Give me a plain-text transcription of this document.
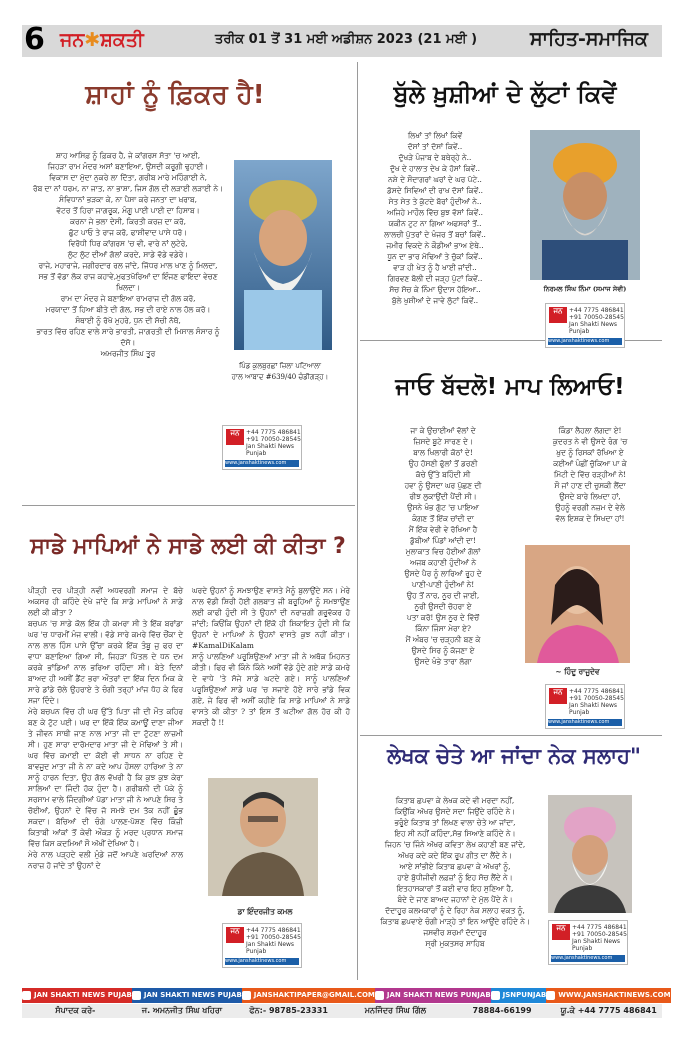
6 ਜਨ✱ਸ਼ਕਤੀ	ਤਰੀਕ 01 ਤੋਂ 31 ਮਈ ਅਡੀਸ਼ਨ 2023 (21 ਮਈ )	ਸਾਹਿਤ-ਸਮਾਜਿਕ
ਸ਼ਾਹਾਂ ਨੂੰ ਫ਼ਿਕਰ ਹੈ!
ਸ਼ਾਹ ਆਸਿਫ਼ ਨੂੰ ਫ਼ਿਕਰ ਹੈ, ਜੇ ਕਾਂਗਰਸ ਸੱਤਾ 'ਚ ਆਈ,
ਜਿਹੜਾ ਰਾਮ ਮੰਦਰ ਅਸਾਂ ਬਣਾਇਆ, ਉਸਦੀ ਕਰੂਗੀ ਢੁਹਾਈ।
ਵਿਕਾਸ ਦਾ ਮੁੱਦਾ ਨੁਕਰੇ ਲਾ ਦਿੱਤਾ, ਗਰੀਬ ਮਾਰੇ ਮਹਿੰਗਾਈ ਨੇ,
ਰੱਬ ਦਾ ਨਾਂ ਧਰਮ, ਨਾ ਜਾਤ, ਨਾ ਭਾਸ਼ਾ, ਜਿਸ ਗੱਲ ਦੀ ਲੜਾਈ ਲੜਾਈ ਨੇ।
ਸੰਵਿਧਾਨਾਂ ਭੜਕਾ ਕੇ, ਨਾ ਪੈਸਾ ਕਰੇ ਜਨਤਾ ਦਾ ਖ਼ਰਾਬ,
ਵੋਟਰ ਤੋਂ ਹਿਰਾ ਜਾਗਰੂਕ, ਮੰਗੂ ਪਾਈ ਪਾਈ ਦਾ ਹਿਸਾਬ।
ਕਰਨਾ ਜੇ ਭਲਾ ਦੇਸੀ, ਕਿਰਤੀ ਕਰਜ਼ ਦਾ ਕਰੋ,
ਛੁੱਟ ਪਾਓ ਤੇ ਰਾਜ ਕਰੋ, ਫਾਸ਼ੀਵਾਦ ਪਾਸੇ ਧਰੋ।
ਵਿਰੋਧੀ ਧਿਰ ਕਾਂਗਰਸ 'ਚ ਵੀ, ਵਾਰੇ ਨਾਂ ਲੁਟੇਰੇ,
ਲੁੱਟ ਲੁੱਟ ਦੀਆਂ ਗੱਲਾਂ ਕਰਦੇ, ਸਾਡੇ ਵੱਡੇ ਵਡੇਰੇ।
ਰਾਜੇ, ਮਹਾਰਾਜੇ, ਜਗੀਰਦਾਰ ਰਲ ਜਾਂਦੇ, ਜਿੱਧਰ ਮਾਲ ਖਾਣ ਨੂੰ ਮਿਲਦਾ,
ਸਭ ਤੋਂ ਵੱਡਾ ਲੋਕ ਰਾਜ ਕਹਾਵੇ,ਮੁਫਤਖੋਰਿਆਂ ਦਾ ਇੰਜਣ ਫਾਇਦਾ ਵੇਚਣ ਖਿਲਦਾ।
ਰਾਮ ਦਾ ਮੰਦਰ ਜੇ ਬਣਾਇਆ ਰਾਮਰਾਜ ਦੀ ਗੱਲ ਕਰੋ,
ਮਰਯਾਦਾ ਤੋਂ ਹਿਆ ਬੀਤੇ ਦੀ ਗੱਲ, ਸਭ ਦੀ ਰਾਏ ਨਾਲ ਹੱਲ ਕਰੋ।
ਸੰਥਾਈ ਨੂੰ ਰੱਖੋ ਮੁਹਰੇ, ਧੁਨ ਦੀ ਸੱਚੀ ਨੱਥੋ,
ਭਾਰਤ ਵਿੱਚ ਰਹਿਣ ਵਾਲੇ ਸਾਰੇ ਭਾਰਤੀ, ਜਾਗਰਤੀ ਦੀ ਮਿਸਾਲ ਸੰਸਾਰ ਨੂੰ ਦੱਸੋ।
ਅਮਰਜੀਤ ਸਿੰਘ ਤੂਰ
ਪਿੰਡ ਕੁਲਬੁਰਛਾਂ ਜ਼ਿਲਾ ਪਟਿਆਲਾ
ਹਾਲ ਆਬਾਦ #639/40 ਚੰਡੀਗੜ੍ਹ।
ਜਨ	+44 7775 486841
+91 70050-28545
Jan Shakti News Punjab
www.janshaktinews.com
ਸਾਡੇ ਮਾਪਿਆਂ ਨੇ ਸਾਡੇ ਲਈ ਕੀ ਕੀਤਾ ?
ਪੀੜ੍ਹੀ ਦਰ ਪੀੜ੍ਹੀ ਨਵੀਂ ਅਧਵਰਗੀ ਸਮਾਜ ਦੇ ਬੱਚੇ ਅਕਸਰ ਹੀ ਕਹਿੰਦੇ ਦੇਖੇ ਜਾਂਦੇ ਕਿ ਸਾਡੇ ਮਾਪਿਆਂ ਨੇ ਸਾਡੇ ਲਈ ਕੀ ਕੀਤਾ ?
ਬਚਪਨ 'ਚ ਸਾਡੇ ਕੋਲ ਇੱਕ ਹੀ ਕਮਰਾ ਸੀ ਤੇ ਇੱਕ ਬਰਾਂਡਾ ਘਰ 'ਚ ਧਾਰਮੀਂ ਮੰਜ ਵਾਲੀ। ਵੱਡੇ ਸਾਰੇ ਕਮਰੇ ਵਿੱਚ ਚੌਂਕਾ ਦੇ ਨਾਲ ਲਾਲ ਹਿੰਸ ਪਾਸੇ ਉੱਚਾ ਕਰਕੇ ਇੱਕ ਤੰਬੂ ਜੁ ਫਰ ਦਾ ਵਾਧਾ ਬਣਾਇਆ ਗਿਆ ਸੀ, ਜਿਹੜਾ ਪਿੱਤਲ ਦੇ ਧਨ ਦਮ ਕਰਕੇ ਭਾਂਡਿਆਂ ਨਾਲ ਭਰਿਆ ਰਹਿੰਦਾ ਸੀ। ਬੇਤੇ ਦਿਨਾਂ ਬਾਅਦ ਹੀ ਅਸੀਂ ਡੈਂਟ ਭਰਾ ਔਤਰਾਂ ਦਾ ਇੱਕ ਦਿਨ ਮਿਕ ਕੇ ਸਾਰੇ ਡਾਂਡੇ ਚੱਲੇ ਉਹਰਾਏ ਤੇ ਚੰਗੀ ਤਰ੍ਹਾਂ ਮਾਂਜ ਧੋਹ ਕੇ ਫਿਰ ਸਜਾ ਦਿੰਦੇ।
ਮੇਰੇ ਬਚਪਨ ਵਿੱਚ ਹੀ ਘਰ ਉੱਤੇ ਪਿਤਾ ਜੀ ਦੀ ਮੌਤ ਕਹਿਰ ਬਣ ਕੇ ਟੁੱਟ ਪਈ। ਘਰ ਦਾ ਇੱਕੋ ਇੱਕ ਕਮਾਊਂ ਦਾਣਾ ਜੀਆ ਤੇ ਜੀਵਨ ਸਾਥੀ ਜਾਣ ਨਾਲ ਮਾਤਾ ਜੀ ਦਾ ਟੁੱਟਣਾ ਲਾਜ਼ਮੀ ਸੀ। ਹੁਣ ਸਾਰਾ ਦਾਰੋਮਦਾਰ ਮਾਤਾ ਜੀ ਦੇ ਮੋਢਿਆਂ ਤੇ ਸੀ। ਘਰ ਵਿੱਚ ਕਮਾਈ ਦਾ ਕੋਈ ਵੀ ਸਾਧਨ ਨਾ ਰਹਿਣ ਦੇ ਬਾਵਜੂਦ ਮਾਤਾ ਜੀ ਨੇ ਨਾ ਕਦੇ ਆਪ ਹੌਸਲਾ ਹਾਰਿਆ ਤੇ ਨਾ ਸਾਨੂੰ ਹਾਰਨ ਦਿਤਾ, ਉਹ ਗੱਲ ਵੱਖਰੀ ਹੈ ਕਿ ਕੁਝ ਕੁਝ ਕੇਰਾ ਸਾਲਿਆਂ ਦਾ ਜਿੰਦੀ ਹੱਕ ਹੁੰਦਾ ਹੈ। ਗਰੀਬਨੀ ਦੀ ਪੱਕੇ ਨੂੰ ਸਰਸਾਮ ਵਾਲੇ ਜਿੰਦਗੀਆਂ ਪੱਡਾ ਮਾਤਾ ਜੀ ਨੇ ਆਪਣੇ ਸਿਰ ਤੇ ਚੋਈਆਂ, ਉਹਨਾਂ ਦੇ ਵਿੱਚ ਜੋ ਸਮਝੇ ਦਮ ਤੱਕ ਨਹੀਂ ਛੂੰਭ ਸਕਦਾ। ਬੱਚਿਆਂ ਦੀ ਚੰਗੇ ਪਾਲਣ-ਪੋਸ਼ਣ ਵਿੱਚ ਕਿੰਜ਼ੀ ਕਿਤਾਬੀ ਆਂਕਾਂ ਤੋਂ ਕੇਵੀ ਔਕੜ ਨੂੰ ਮਰਦ ਪ੍ਰਧਾਨ ਸਮਾਜ ਵਿੱਚ ਕਿਸ ਕਦਮਿਆਂ ਸੌ ਅੱਖੀਂ ਦੇਖਿਆ ਹੈ।
ਮੇਰੇ ਨਾਲ ਪੜ੍ਹਦੇ ਵਲੀ ਮੁੰਡੇ ਜਦੋਂ ਆਪਣੇ ਘਰਦਿਆਂ ਨਾਲ ਨਰਾਜ਼ ਹੋ ਜਾਂਦੇ ਤਾਂ ਉਹਨਾਂ ਦੇ
ਘਰਦੇ ਉਹਨਾਂ ਨੂੰ ਸਮਝਾਉਣ ਵਾਸਤੇ ਮੈਨੂੰ ਬੁਲਾਉਂਦੇ ਸਨ। ਮੇਰੇ ਨਾਲ ਵੱਡੀ ਸ਼ਿਰੀ ਹੋਈ ਗਲਬਾਤ ਜੀ ਬਰੂਹਿਆਂ ਨੂੰ ਸਮਝਾਉਂਣ ਲਈ ਕਾਫੀ ਹੁੰਦੀ ਸੀ ਤੇ ਉਹਨਾਂ ਦੀ ਨਰਾਜ਼ਗੀ ਗਰੂਵੱਕਰ ਹੋ ਜਾਂਦੀ; ਕਿਓਂਕਿ ਉਹਨਾਂ ਦੀ ਇੱਕੋ ਹੀ ਸ਼ਿਕਾਇਤ ਹੁੰਦੀ ਸੀ ਕਿ ਉਹਨਾਂ ਦੇ ਮਾਪਿਆਂ ਨੇ ਉਹਨਾਂ ਵਾਸਤੇ ਕੁਝ ਨਹੀਂ ਕੀਤਾ।#KamalDiKalam
ਸਾਨੂੰ ਪਾਲਣਿਆਂ ਪਰੂਸ਼ਿਉਣਆਂ ਮਾਤਾ ਜੀ ਨੇ ਅਥੱਕ ਮਿਹਨਤ ਕੀਤੀ। ਫਿਰ ਵੀ ਕਿੰਨੇ ਕਿੰਨੇ ਅਸੀਂ ਵੱਡੇ ਹੁੰਦੇ ਗਏ ਸਾਡੇ ਕਮਰੇ ਦੇ ਵਾਧੇ 'ਤੇ ਸੱਜੇ ਸਾਡੇ ਘਟਦੇ ਗਏ। ਸਾਨੂੰ ਪਾਲਣਿਆਂ ਪਰੂਸ਼ਿਉਣਆਂ ਸਾਡੇ ਘਰ 'ਚ ਸਜਾਏ ਹੋਏ ਸਾਰੇ ਭਾਂਡੇ ਵਿਕ ਗਏ, ਜੇ ਫਿਰ ਵੀ ਅਸੀਂ ਕਹੀਏ ਕਿ ਸਾਡੇ ਮਾਪਿਆਂ ਨੇ ਸਾਡੇ ਵਾਸਤੇ ਕੀ ਕੀਤਾ ? ਤਾਂ ਇਸ ਤੋਂ ਘਟੀਆ ਗੱਲ ਹੋਰ ਕੀ ਹੋ ਸਕਦੀ ਹੈ !!
ਡਾ ਇੰਦਰਜੀਤ ਕਮਲ
ਜਨ	+44 7775 486841
+91 70050-28545
Jan Shakti News Punjab
www.janshaktinews.com
ਬੁੱਲੇ ਖ਼ੁਸ਼ੀਆਂ ਦੇ ਲੁੱਟਾਂ ਕਿਵੇਂ
ਲਿਖਾਂ ਤਾਂ ਲਿਖਾਂ ਕਿਵੇਂ
ਦੱਸਾਂ ਤਾਂ ਦੱਸਾਂ ਕਿਵੇਂ..
ਦੁੱਖੜੇ ਪੰਜਾਬ ਦੇ ਬਥੇਰ੍ਹੇ ਨੇ..
ਦੁੱਖ ਦੇ ਹਾਲਾਤ ਦੇਖ ਕੇ ਹੱਸਾਂ ਕਿਵੇਂ..
ਨਸ਼ੇ ਦੇ ਸੌਦਾਗਰਾਂ ਘਰਾਂ ਦੇ ਘਰ ਪੱਟੇ..
ਡੱਸਦੇ ਸਿਵਿਆਂ ਦੀ ਰਾਖ ਦੱਸਾਂ ਕਿਵੇਂ..
ਸੇਤ ਸੇਤ ਤੇ ਕੁੱਟਦੇ ਬੋਰਾਂ ਹੁੰਦੀਆਂ ਨੇ..
ਅਜਿਹੇ ਮਾਹੌਲ ਵਿੱਚ ਬੁਝ ਵੱਸਾਂ ਕਿਵੇਂ..
ਯਕੀਨ ਟੁਟ ਨਾ ਗਿਆ ਅਫਸਰਾਂ ਤੋਂ..
ਲਾਲਚੀ ਪੁੱਤਰਾਂ ਦੇ ਖੰਜਰ ਤੋਂ ਬਚਾਂ ਕਿਵੇਂ..
ਜਮੀਰ ਵਿਕਦੇ ਨੇ ਕੌਡੀਆਂ ਭਾਅ ਏਥੇ..
ਧੂਨ ਦਾ ਭਾਰ ਮੋਢਿਆਂ ਤੇ ਚੁੱਕਾਂ ਕਿਵੇਂ..
ਵਾੜ ਹੀ ਖੇਤ ਨੂੰ ਹੈ ਖਾਈ ਜਾਂਦੀ..
ਗਿਰਵਣ ਬੋਲੀ ਦੀ ਜੜ੍ਹ ਪੁੱਟਾਂ ਕਿਵੇਂ..
ਸੋਚ ਸੋਚ ਕੇ ਨਿੰਮਾ ਉਦਾਸ ਹੋਇਆ..
ਬੁੱਲੇ ਖੁਸ਼ੀਆਂ ਦੇ ਜਾਵੇ ਲੁੱਟਾਂ ਕਿਵੇਂ..
ਨਿਰਮਲ ਸਿੰਘ ਨਿੰਮਾ (ਸਮਾਜ ਸੇਵੀ)
ਜਨ	+44 7775 486841
+91 70050-28545
Jan Shakti News Punjab
www.janshaktinews.com
ਜਾਓ ਬੱਦਲੋ! ਮਾਪ ਲਿਆਓ!
ਜਾ ਕੇ ਉਚਾਈਆਂ ਵੱਲਾਂ ਦੇ
ਜ਼ਿਸਦੇ ਬੂਟੇ ਸਾਰਣ ਦੇ।
ਬਾਲ ਖਿਲਾਰੀ ਕੋਠਾਂ ਦੇ!
ਉਹ ਹੱਸਣੀ ਫੁੱਲਾਂ ਤੋਂ ਡਰਣੀ
ਕੱਚੇ ਉੱਤੇ ਬਹਿੰਦੀ ਸੀ
ਹਵਾ ਨੂੰ ਉਸਦਾ ਘਰ ਪੁੱਛਣ ਦੀ
ਰੀਝ ਲੁਕਾਉਂਦੀ ਪੈਂਦੀ ਸੀ।
ਉਸਨੇ ਖੰਭ ਗੁੱਟ 'ਚ ਪਾਇਆ
ਕੰਗਣ ਤੋਂ ਇੱਕ ਚਾਂਦੀ ਦਾ
ਮੈਂ ਇੱਕ ਵੇਰੀ ਵੇ ਰੱਖਿਆ ਹੈ
ਡੁੱਬੀਆਂ ਪਿੰਡਾਂ ਆਂਦੀ ਦਾ!
ਮੁਲਾਕਾਤ ਵਿਚ ਹੋਈਆਂ ਗੱਲਾਂ
ਅਜਬ ਕਹਾਣੀ ਹੁੰਦੀਆਂ ਨੇ
ਉਸਦੇ ਪੈਰ ਨੂੰ ਲਾਰਿਆਂ ਰੂਹ ਦੇ
ਪਾਣੀ-ਪਾਣੀ ਹੁੰਦੀਆਂ ਨੇ!
ਉਹ ਤੋਂ ਨਾਰ, ਨੂਰ ਦੀ ਜਾਈ,
ਨੂਰੀ ਉਸਦੀ ਚੋਹਰਾ ਏ
ਪਤਾ ਕਰੋ! ਉਸ ਨੂਰ ਦੇ ਵਿੱਚੋਂ
ਕਿੰਨਾ ਜਿੰਸਾ ਮੇਰਾ ਏ?
ਮੈਂ ਅੰਬਰ 'ਚ ਚੜ੍ਹਨੀ ਬਣ ਕੇ
ਉਸਦੇ ਸਿਰ ਨੂੰ ਕੱਜਣਾ ਏ
ਉਸਦੇ ਖੰਭੇ ਤਾਰਾ ਲੱਗਾ
ਕਿੰਡਾ ਲੈਹਲਾ ਲੱਗਦਾ ਏ!
ਕੁਦਰਤ ਨੇ ਵੀ ਉਸਦੇ ਰੰਗ 'ਚ
ਖ਼ੁਦ ਨੂੰ ਰਿਸਕਾਂ ਰੱਖਿਆ ਏ
ਕਈਆਂ ਪੰਛੀਂ ਚੁੱਕਿਆ ਪਾ ਕੇ
ਮਿੱਟੀ ਦੇ ਵਿੱਚ ਰੜ੍ਹੀਆਂ ਨੇ!
ਸੌ ਜਾਂ ਹਾਣ ਦੀ ਚੁਸਕੀ ਲੈਂਦਾ
ਉਸਦੇ ਬਾਰੇ ਲਿਖਦਾ ਹਾਂ,
ਉਹਨੂੰ ਵਰਗੀ ਨਜ਼ਮ ਦੇ ਵੇਲੇ
ਵੱਲ ਇਸ਼ਕ ਦੇ ਸਿਖਦਾ ਹਾਂ!
~ ਹਿੰਦੂ ਰਾਜੂਦੇਵ
ਜਨ	+44 7775 486841
+91 70050-28545
Jan Shakti News Punjab
www.janshaktinews.com
ਲੇਖਕ ਚੇਤੇ ਆ ਜਾਂਦਾ ਨੇਕ ਸਲਾਹ"
ਕਿਤਾਬ ਛਪਵਾ ਕੇ ਲੇਖਕ ਕਦੇ ਵੀ ਮਰਦਾ ਨਹੀਂ,
ਕਿਉਂਕਿ ਅੱਖਰ ਉਸਦੇ ਸਦਾ ਜਿਉਂਦੇ ਰਹਿੰਦੇ ਨੇ।
ਭਰੂੰਏ ਕਿਤਾਬ ਤਾਂ ਲਿਖਣ ਵਾਲਾ ਚੇਤੇ ਆ ਜਾਂਦਾ,
ਇਹ ਸੀ ਨਹੀਂ ਕਹਿੰਦਾ,ਸੱਭ ਸਿਆਣੇ ਕਹਿੰਦੇ ਨੇ।
ਜਿਹਨ 'ਚ ਜਿੰਨੇ ਅੱਖਰ ਕਵਿਤਾ ਲੇਖ ਕਹਾਣੀ ਬਣ ਜਾਂਦੇ,
ਅੱਖਰ ਕਦੇ ਕਦੇ ਇੱਕ ਰੂਪ ਗੀਤ ਦਾ ਲੈਂਦੇ ਨੇ।
ਆਏ ਸਾਂਭੀਏ ਕਿਤਾਬ ਛਪਵਾ ਕੇ ਅੱਖਰਾਂ ਨੂੰ,
ਹਾਏ ਬੁੱਧੀਜੀਵੀ ਲਫ਼ਜ਼ਾਂ ਨੂੰ ਇਹ ਸੋਚ ਲੈਂਦੇ ਨੇ।
ਇਤਹਾਸਕਾਰਾਂ ਤੋਂ ਕਈ ਵਾਰ ਇਹ ਸੁਣਿਆ ਹੈ,
ਬੰਦੇ ਦੇ ਜਾਣ ਬਾਅਦ ਜਹਾਨਾਂ ਦੇ ਮੁੱਲ ਪੈਂਦੇ ਨੇ।
ਦੱਦਾਹੂਰ ਕਲਮਕਾਰਾਂ ਨੂੰ ਦੇ ਰਿਹਾ ਨੇਕ ਸਲਾਹ ਵਕਤ ਨੂੰ,
ਕਿਤਾਬ ਛਪਵਾਏ ਚੰਗੀ ਮਾੜ੍ਹੇ ਤਾਂ ਇਨ ਆਉਂਦੇ ਰਹਿੰਦੇ ਨੇ।
ਜਸਵੀਰ ਸ਼ਰਮਾਂ ਦੱਦਾਹੂਰ
ਸ੍ਰੀ ਮੁਕਤਸਰ ਸਾਹਿਬ
ਜਨ	+44 7775 486841
+91 70050-28545
Jan Shakti News Punjab
www.janshaktinews.com
JAN SHAKTI NEWS PUJAB	JAN SHAKTI NEWS PUJAB	JANSHAKTIPAPER@GMAIL.COM	JAN SHAKTI NEWS PUNJAB	JSNPUNJAB	WWW.JANSHAKTINEWS.COM
ਸੰਪਾਦਕ ਕਰੇ-	ਜ. ਅਮਨਜੀਤ ਸਿੰਘ ਖਹਿਰਾ	ਫੋਨ:- 98785-23331	ਮਨਜਿੰਦਰ ਸਿੰਘ ਗਿੱਲ	78884-66199	ਯੂ.ਕੇ +44 7775 486841
